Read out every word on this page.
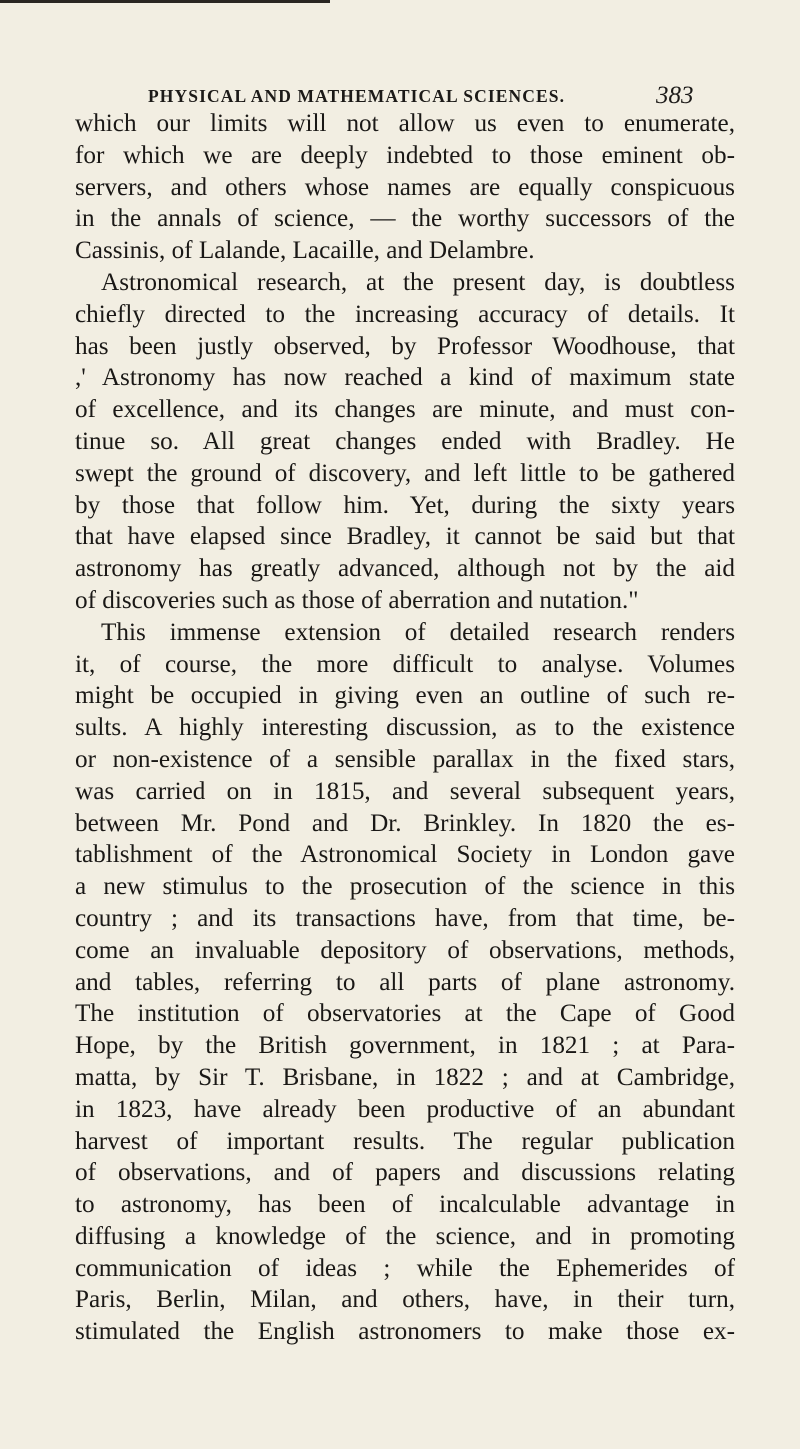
PHYSICAL AND MATHEMATICAL SCIENCES.	383
which our limits will not allow us even to enumerate,
for which we are deeply indebted to those eminent ob-
servers, and others whose names are equally conspicuous
in the annals of science, — the worthy successors of the
Cassinis, of Lalande, Lacaille, and Delambre.
Astronomical research, at the present day, is doubtless
chiefly directed to the increasing accuracy of details. It
has been justly observed, by Professor Woodhouse, that
,' Astronomy has now reached a kind of maximum state
of excellence, and its changes are minute, and must con-
tinue so. All great changes ended with Bradley. He
swept the ground of discovery, and left little to be gathered
by those that follow him. Yet, during the sixty years
that have elapsed since Bradley, it cannot be said but that
astronomy has greatly advanced, although not by the aid
of discoveries such as those of aberration and nutation."
This immense extension of detailed research renders
it, of course, the more difficult to analyse. Volumes
might be occupied in giving even an outline of such re-
sults. A highly interesting discussion, as to the existence
or non-existence of a sensible parallax in the fixed stars,
was carried on in 1815, and several subsequent years,
between Mr. Pond and Dr. Brinkley. In 1820 the es-
tablishment of the Astronomical Society in London gave
a new stimulus to the prosecution of the science in this
country ; and its transactions have, from that time, be-
come an invaluable depository of observations, methods,
and tables, referring to all parts of plane astronomy.
The institution of observatories at the Cape of Good
Hope, by the British government, in 1821 ; at Para-
matta, by Sir T. Brisbane, in 1822 ; and at Cambridge,
in 1823, have already been productive of an abundant
harvest of important results. The regular publication
of observations, and of papers and discussions relating
to astronomy, has been of incalculable advantage in
diffusing a knowledge of the science, and in promoting
communication of ideas ; while the Ephemerides of
Paris, Berlin, Milan, and others, have, in their turn,
stimulated the English astronomers to make those ex-
